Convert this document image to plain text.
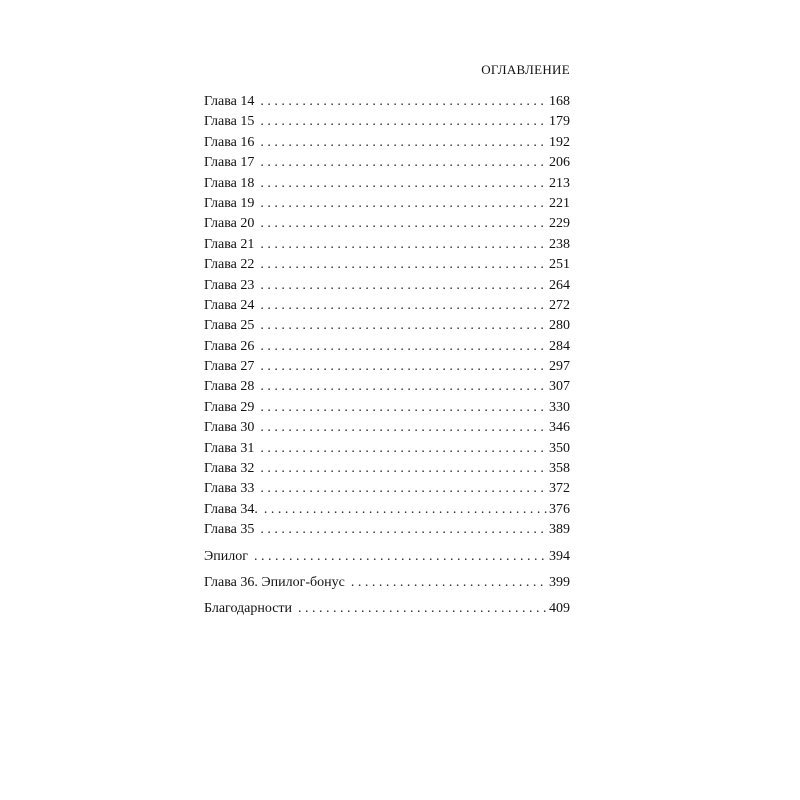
ОГЛАВЛЕНИЕ
Глава 14 . . .	168
Глава 15 . . .	179
Глава 16 . . .	192
Глава 17 . . .	206
Глава 18 . . .	213
Глава 19 . . .	221
Глава 20 . . .	229
Глава 21 . . .	238
Глава 22 . . .	251
Глава 23 . . .	264
Глава 24 . . .	272
Глава 25 . . .	280
Глава 26 . . .	284
Глава 27 . . .	297
Глава 28 . . .	307
Глава 29 . . .	330
Глава 30 . . .	346
Глава 31 . . .	350
Глава 32 . . .	358
Глава 33 . . .	372
Глава 34. . . .	376
Глава 35 . . .	389
Эпилог . . .	394
Глава 36. Эпилог-бонус . . .	399
Благодарности . . .	409
